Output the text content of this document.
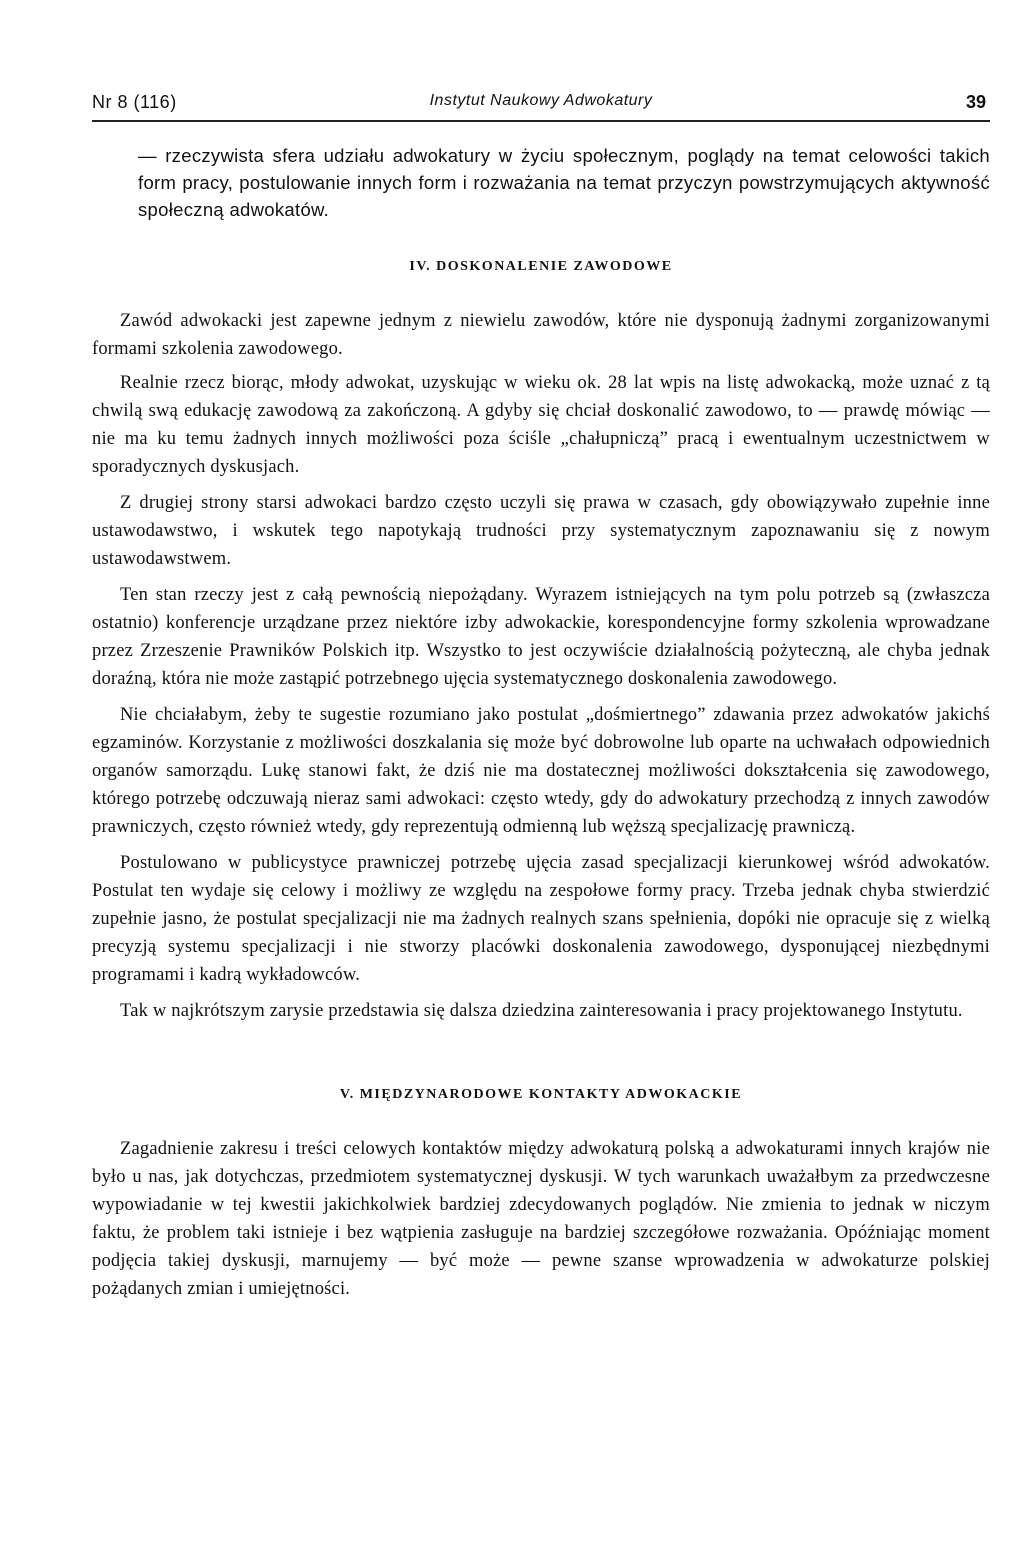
Nr 8 (116)	Instytut Naukowy Adwokatury	39
— rzeczywista sfera udziału adwokatury w życiu społecznym, poglądy na temat celowości takich form pracy, postulowanie innych form i rozważania na temat przyczyn powstrzymujących aktywność społeczną adwokatów.
IV. DOSKONALENIE ZAWODOWE

Zawód adwokacki jest zapewne jednym z niewielu zawodów, które nie dysponują żadnymi zorganizowanymi formami szkolenia zawodowego.

Realnie rzecz biorąc, młody adwokat, uzyskując w wieku ok. 28 lat wpis na listę adwokacką, może uznać z tą chwilą swą edukację zawodową za zakończoną. A gdyby się chciał doskonalić zawodowo, to — prawdę mówiąc — nie ma ku temu żadnych innych możliwości poza ściśle „chałupniczą” pracą i ewentualnym uczestnictwem w sporadycznych dyskusjach.

Z drugiej strony starsi adwokaci bardzo często uczyli się prawa w czasach, gdy obowiązywało zupełnie inne ustawodawstwo, i wskutek tego napotykają trudności przy systematycznym zapoznawaniu się z nowym ustawodawstwem.

Ten stan rzeczy jest z całą pewnością niepożądany. Wyrazem istniejących na tym polu potrzeb są (zwłaszcza ostatnio) konferencje urządzane przez niektóre izby adwokackie, korespondencyjne formy szkolenia wprowadzane przez Zrzeszenie Prawników Polskich itp. Wszystko to jest oczywiście działalnością pożyteczną, ale chyba jednak doraźną, która nie może zastąpić potrzebnego ujęcia systematycznego doskonalenia zawodowego.

Nie chciałabym, żeby te sugestie rozumiano jako postulat „dośmiertnego” zdawania przez adwokatów jakichś egzaminów. Korzystanie z możliwości doszkalania się może być dobrowolne lub oparte na uchwałach odpowiednich organów samorządu. Lukę stanowi fakt, że dziś nie ma dostatecznej możliwości dokształcenia się zawodowego, którego potrzebę odczuwają nieraz sami adwokaci: często wtedy, gdy do adwokatury przechodzą z innych zawodów prawniczych, często również wtedy, gdy reprezentują odmienną lub węższą specjalizację prawniczą.

Postulowano w publicystyce prawniczej potrzebę ujęcia zasad specjalizacji kierunkowej wśród adwokatów. Postulat ten wydaje się celowy i możliwy ze względu na zespołowe formy pracy. Trzeba jednak chyba stwierdzić zupełnie jasno, że postulat specjalizacji nie ma żadnych realnych szans spełnienia, dopóki nie opracuje się z wielką precyzją systemu specjalizacji i nie stworzy placówki doskonalenia zawodowego, dysponującej niezbędnymi programami i kadrą wykładowców.

Tak w najkrótszym zarysie przedstawia się dalsza dziedzina zainteresowania i pracy projektowanego Instytutu.

V. MIĘDZYNARODOWE KONTAKTY ADWOKACKIE

Zagadnienie zakresu i treści celowych kontaktów między adwokaturą polską a adwokaturami innych krajów nie było u nas, jak dotychczas, przedmiotem systematycznej dyskusji. W tych warunkach uważałbym za przedwczesne wypowiadanie w tej kwestii jakichkolwiek bardziej zdecydowanych poglądów. Nie zmienia to jednak w niczym faktu, że problem taki istnieje i bez wątpienia zasługuje na bardziej szczegółowe rozważania. Opóźniając moment podjęcia takiej dyskusji, marnujemy — być może — pewne szanse wprowadzenia w adwokaturze polskiej pożądanych zmian i umiejętności.
